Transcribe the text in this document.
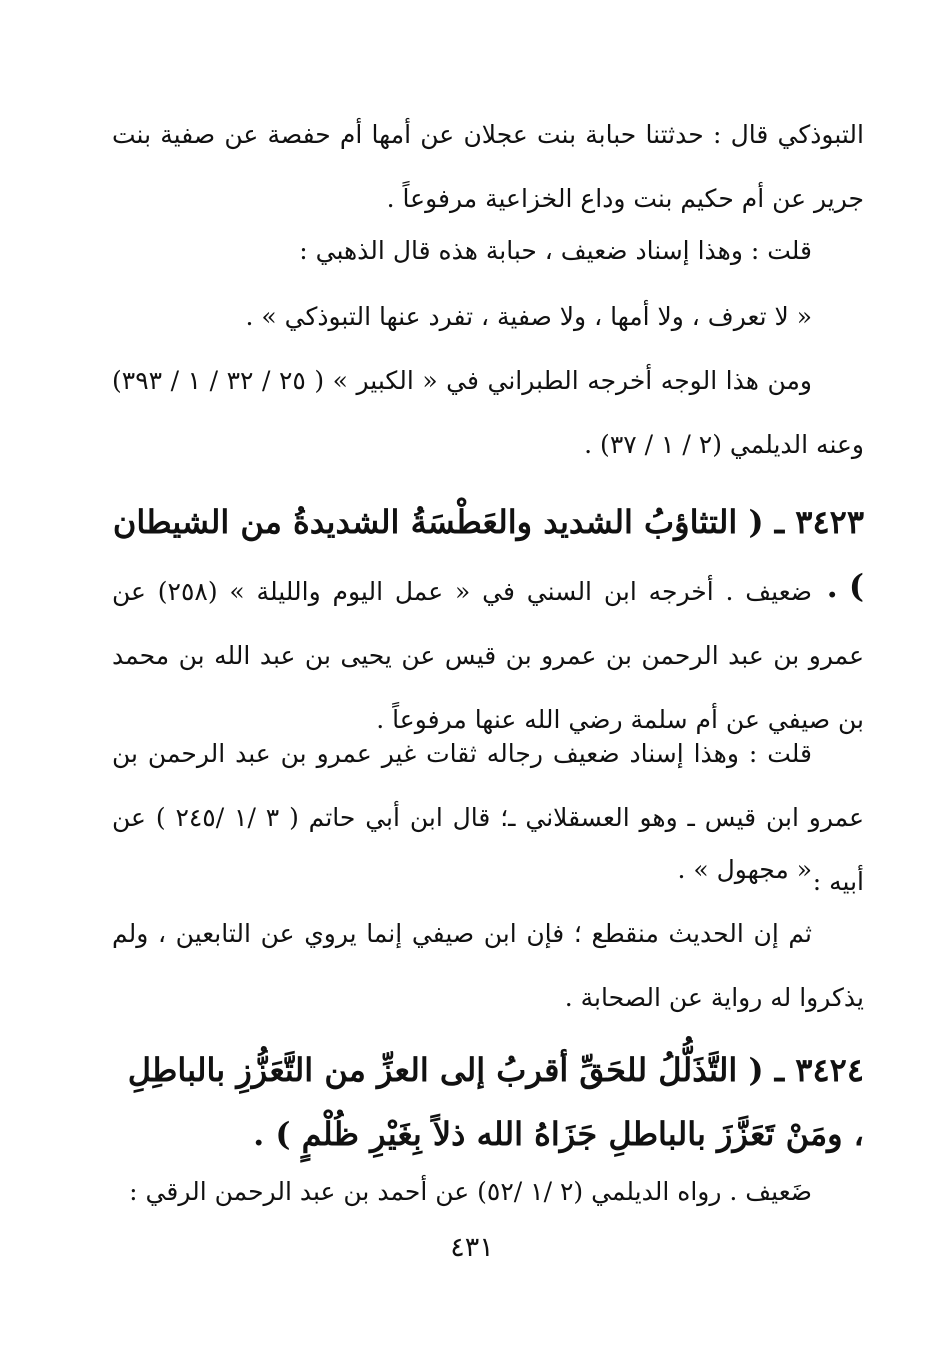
التبوذكي قال : حدثتنا حبابة بنت عجلان عن أمها أم حفصة عن صفية بنت جرير عن أم حكيم بنت وداع الخزاعية مرفوعاً .

قلت : وهذا إسناد ضعيف ، حبابة هذه قال الذهبي :

« لا تعرف ، ولا أمها ، ولا صفية ، تفرد عنها التبوذكي » .

ومن هذا الوجه أخرجه الطبراني في « الكبير » ( ٢٥ / ٣٢ / ١ / ٣٩٣) وعنه الديلمي (٢ / ١ / ٣٧) .

٣٤٢٣ ـ ( التثاؤبُ الشديد والعَطْسَةُ الشديدةُ من الشيطان ) .

ضعيف . أخرجه ابن السني في « عمل اليوم والليلة » (٢٥٨) عن عمرو بن عبد الرحمن بن عمرو بن قيس عن يحيى بن عبد الله بن محمد بن صيفي عن أم سلمة رضي الله عنها مرفوعاً .

قلت : وهذا إسناد ضعيف رجاله ثقات غير عمرو بن عبد الرحمن بن عمرو ابن قيس ـ وهو العسقلاني ـ؛ قال ابن أبي حاتم ( ٣ /١ /٢٤٥ ) عن أبيه :

« مجهول » .

ثم إن الحديث منقطع ؛ فإن ابن صيفي إنما يروي عن التابعين ، ولم يذكروا له رواية عن الصحابة .

٣٤٢٤ ـ ( التَّذَلُّلُ للحَقِّ أقربُ إلى العزِّ من التَّعَزُّزِ بالباطِلِ ، ومَنْ تَعَزَّزَ بالباطلِ جَزَاهُ الله ذلاً بِغَيْرِ ظُلْمٍ ) .

ضَعيف . رواه الديلمي (٢ /١ /٥٢) عن أحمد بن عبد الرحمن الرقي :

٤٣١
